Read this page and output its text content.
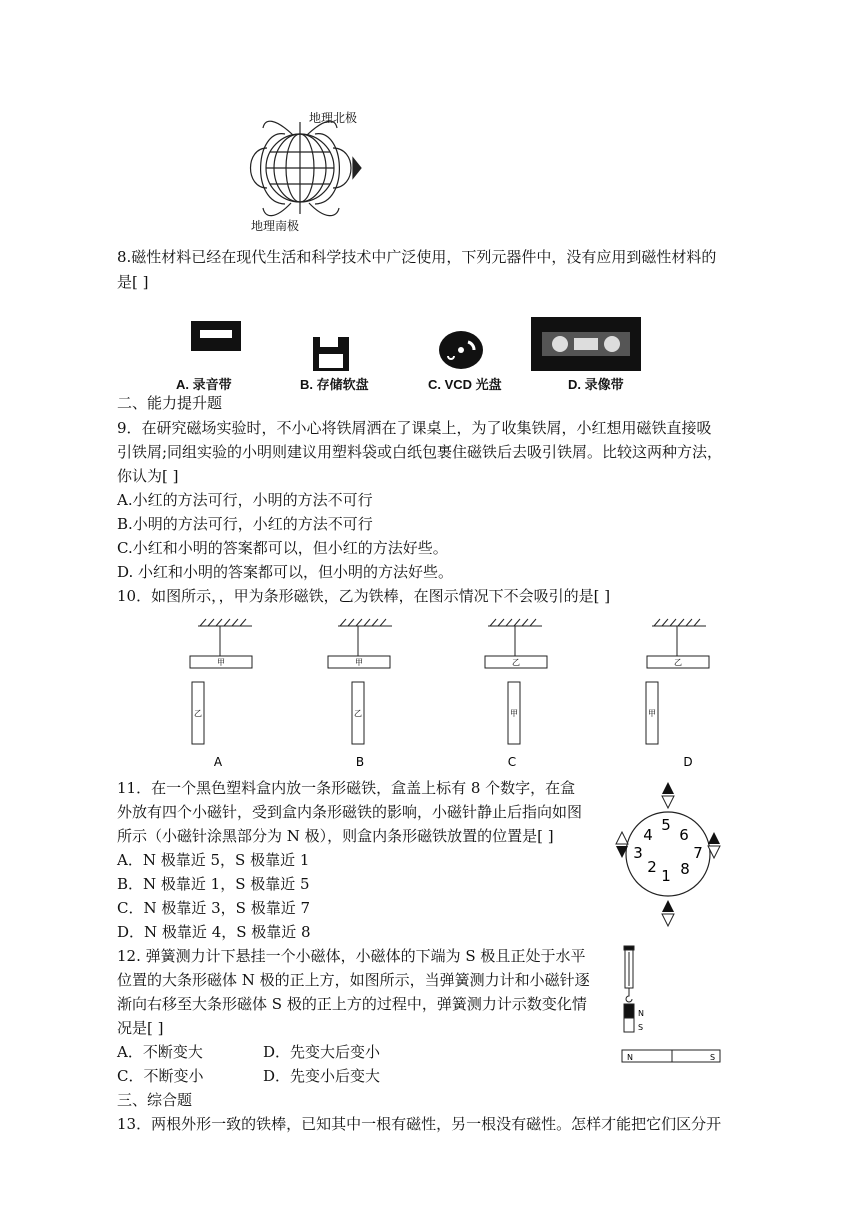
地理北极
地理南极
8.磁性材料已经在现代生活和科学技术中广泛使用，下列元器件中，没有应用到磁性材料的
是[ ]
A. 录音带	B. 存储软盘	C. VCD 光盘	D. 录像带
二、能力提升题
9．在研究磁场实验时，不小心将铁屑洒在了课桌上，为了收集铁屑，小红想用磁铁直接吸
引铁屑;同组实验的小明则建议用塑料袋或白纸包裹住磁铁后去吸引铁屑。比较这两种方法，
你认为[ ]
A.小红的方法可行，小明的方法不可行
B.小明的方法可行，小红的方法不可行
C.小红和小明的答案都可以，但小红的方法好些。
D. 小红和小明的答案都可以，但小明的方法好些。
10．如图所示，，甲为条形磁铁，乙为铁棒，在图示情况下不会吸引的是[ ]
甲
乙
甲
乙
乙
甲
乙
甲
A	B	C	D
11．在一个黑色塑料盒内放一条形磁铁，盒盖上标有 8 个数字，在盒
外放有四个小磁针，受到盒内条形磁铁的影响，小磁针静止后指向如图
所示（小磁针涂黑部分为 N 极），则盒内条形磁铁放置的位置是[ ]
A．N 极靠近 5，S 极靠近 1
B．N 极靠近 1，S 极靠近 5
C．N 极靠近 3，S 极靠近 7
D．N 极靠近 4，S 极靠近 8
5
6
7
8
1
2
3
4
12. 弹簧测力计下悬挂一个小磁体，小磁体的下端为 S 极且正处于水平
位置的大条形磁体 N 极的正上方，如图所示，当弹簧测力计和小磁针逐
渐向右移至大条形磁体 S 极的正上方的过程中，弹簧测力计示数变化情
况是[ ]
A．不断变大	D．先变大后变小
C．不断变小	D．先变小后变大
N
S
N	S
三、综合题
13．两根外形一致的铁棒，已知其中一根有磁性，另一根没有磁性。怎样才能把它们区分开
